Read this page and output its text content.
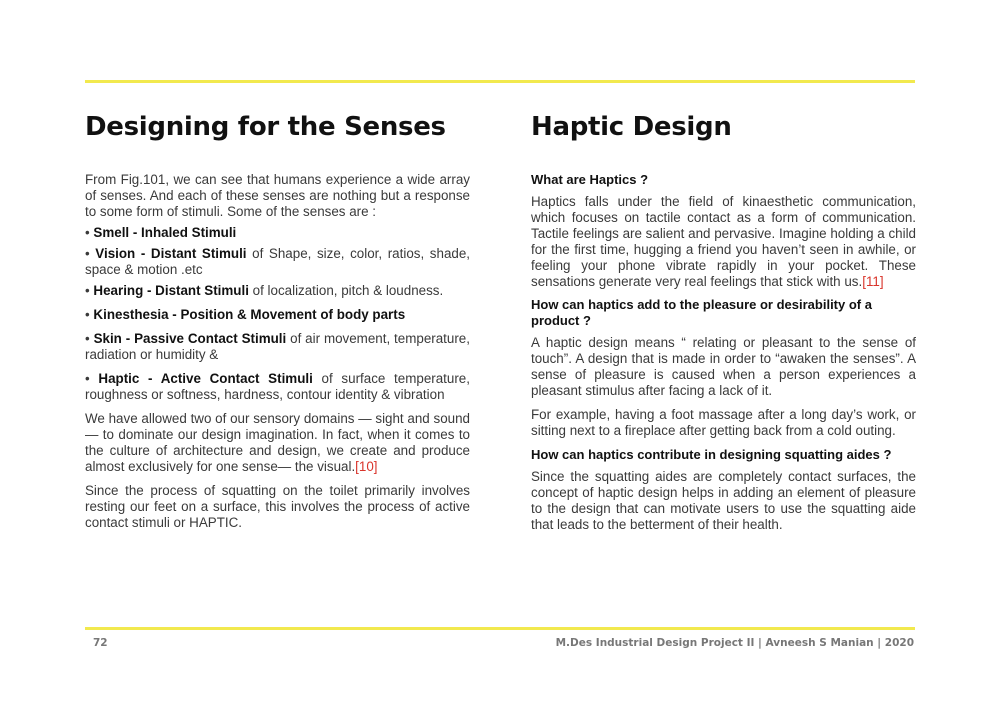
Designing for the Senses

From Fig.101, we can see that humans experience a wide array of senses. And each of these senses are nothing but a response to some form of stimuli. Some of the senses are :

• Smell - Inhaled Stimuli

• Vision - Distant Stimuli of Shape, size, color, ratios, shade, space & motion .etc

• Hearing - Distant Stimuli of localization, pitch & loudness.

• Kinesthesia - Position & Movement of body parts

• Skin - Passive Contact Stimuli of air movement, temperature, radiation or humidity &

• Haptic - Active Contact Stimuli of surface temperature, roughness or softness, hardness, contour identity & vibration

We have allowed two of our sensory domains — sight and sound — to dominate our design imagination. In fact, when it comes to the culture of architecture and design, we create and produce almost exclusively for one sense— the visual.[10]

Since the process of squatting on the toilet primarily involves resting our feet on a surface, this involves the process of active contact stimuli or HAPTIC.

Haptic Design
What are Haptics ?

Haptics falls under the field of kinaesthetic communication, which focuses on tactile contact as a form of communication. Tactile feelings are salient and pervasive. Imagine holding a child for the first time, hugging a friend you haven’t seen in awhile, or feeling your phone vibrate rapidly in your pocket. These sensations generate very real feelings that stick with us.[11]

How can haptics add to the pleasure or desirability of a product ?

A haptic design means “ relating or pleasant to the sense of touch”. A design that is made in order to “awaken the senses”. A sense of pleasure is caused when a person experiences a pleasant stimulus after facing a lack of it.

For example, having a foot massage after a long day’s work, or sitting next to a fireplace after getting back from a cold outing.

How can haptics contribute in designing squatting aides ?

Since the squatting aides are completely contact surfaces, the concept of haptic design helps in adding an element of pleasure to the design that can motivate users to use the squatting aide that leads to the betterment of their health.

72	M.Des Industrial Design Project II | Avneesh S Manian | 2020
